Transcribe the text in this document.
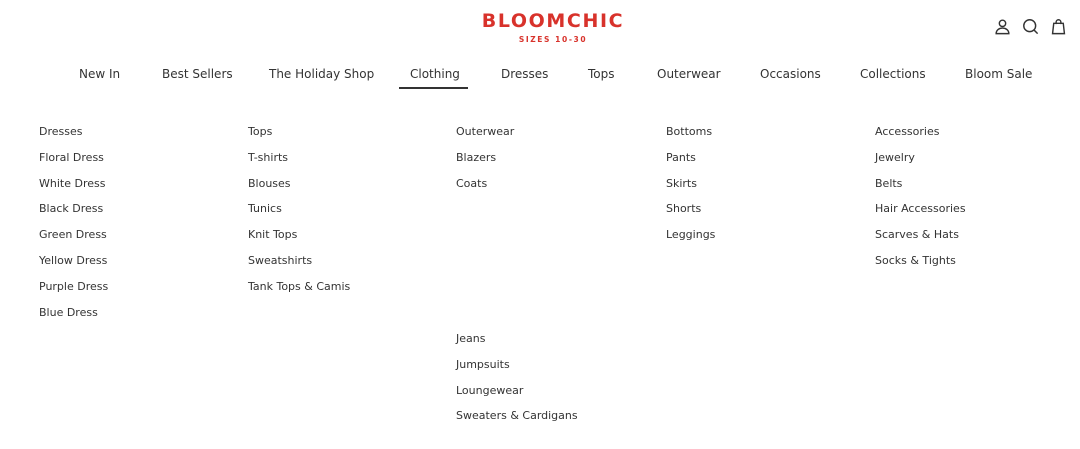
BLOOMCHIC
SIZES 10-30
New In	Best Sellers	The Holiday Shop	Clothing	Dresses	Tops	Outerwear	Occasions	Collections	Bloom Sale
Dresses
Floral Dress
White Dress
Black Dress
Green Dress
Yellow Dress
Purple Dress
Blue Dress
Tops
T-shirts
Blouses
Tunics
Knit Tops
Sweatshirts
Tank Tops & Camis
Outerwear
Blazers
Coats
Bottoms
Pants
Skirts
Shorts
Leggings
Accessories
Jewelry
Belts
Hair Accessories
Scarves & Hats
Socks & Tights
Jeans
Jumpsuits
Loungewear
Sweaters & Cardigans
